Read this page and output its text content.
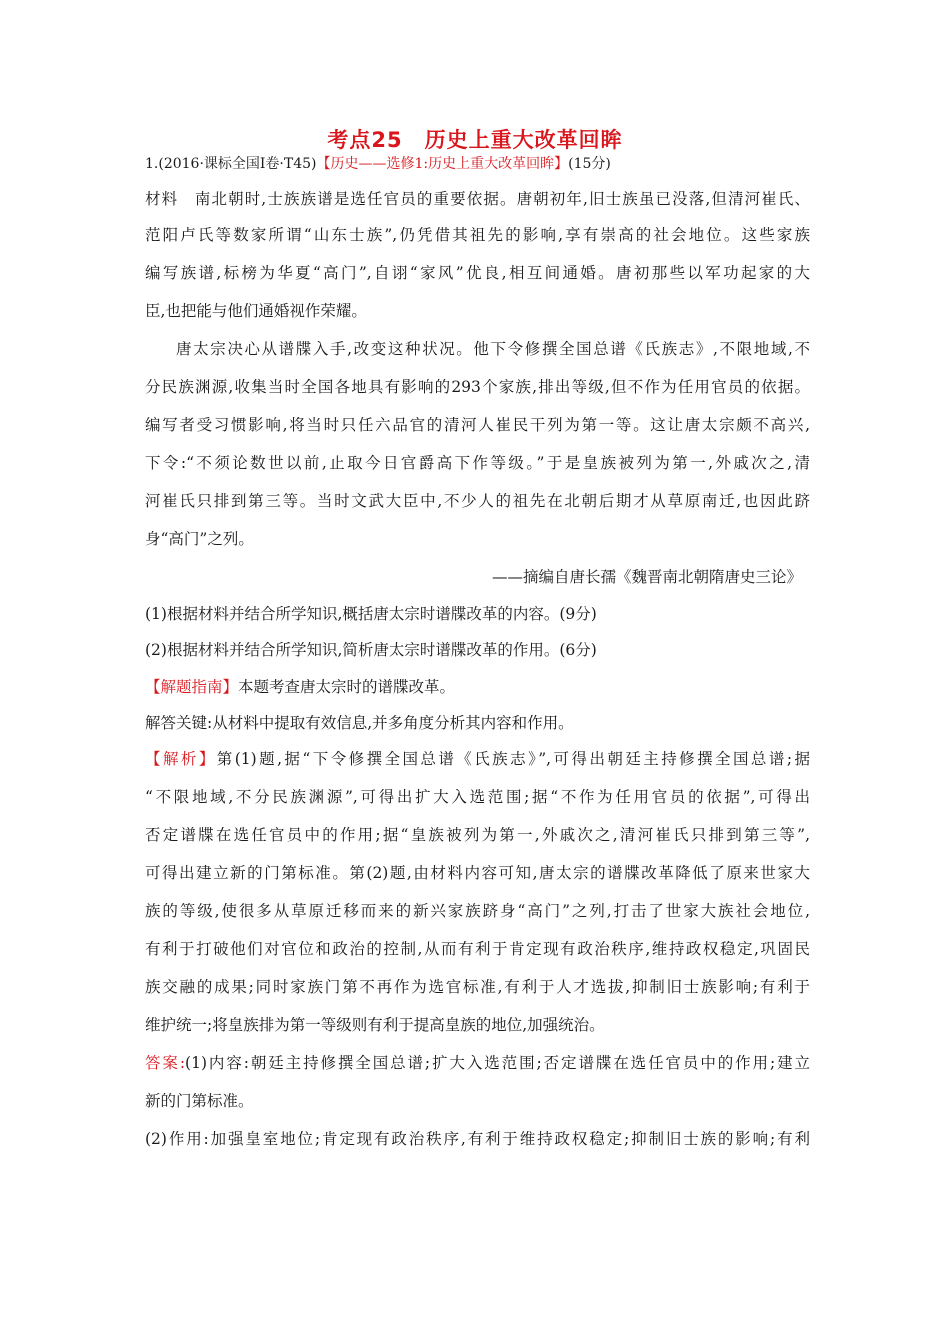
考点25　历史上重大改革回眸
1.(2016·课标全国Ⅰ卷·T45)【历史——选修1:历史上重大改革回眸】(15分)
材料　南北朝时,士族族谱是选任官员的重要依据。唐朝初年,旧士族虽已没落,但清河崔氏、
范阳卢氏等数家所谓“山东士族”,仍凭借其祖先的影响,享有崇高的社会地位。这些家族
编写族谱,标榜为华夏“高门”,自诩“家风”优良,相互间通婚。唐初那些以军功起家的大
臣,也把能与他们通婚视作荣耀。
唐太宗决心从谱牒入手,改变这种状况。他下令修撰全国总谱《氏族志》,不限地域,不
分民族渊源,收集当时全国各地具有影响的293个家族,排出等级,但不作为任用官员的依据。
编写者受习惯影响,将当时只任六品官的清河人崔民干列为第一等。这让唐太宗颇不高兴,
下令:“不须论数世以前,止取今日官爵高下作等级。”于是皇族被列为第一,外戚次之,清
河崔氏只排到第三等。当时文武大臣中,不少人的祖先在北朝后期才从草原南迁,也因此跻
身“高门”之列。
——摘编自唐长孺《魏晋南北朝隋唐史三论》
(1)根据材料并结合所学知识,概括唐太宗时谱牒改革的内容。(9分)
(2)根据材料并结合所学知识,简析唐太宗时谱牒改革的作用。(6分)
【解题指南】本题考查唐太宗时的谱牒改革。
解答关键:从材料中提取有效信息,并多角度分析其内容和作用。
【解析】第(1)题,据“下令修撰全国总谱《氏族志》”,可得出朝廷主持修撰全国总谱;据
“不限地域,不分民族渊源”,可得出扩大入选范围;据“不作为任用官员的依据”,可得出
否定谱牒在选任官员中的作用;据“皇族被列为第一,外戚次之,清河崔氏只排到第三等”,
可得出建立新的门第标准。第(2)题,由材料内容可知,唐太宗的谱牒改革降低了原来世家大
族的等级,使很多从草原迁移而来的新兴家族跻身“高门”之列,打击了世家大族社会地位,
有利于打破他们对官位和政治的控制,从而有利于肯定现有政治秩序,维持政权稳定,巩固民
族交融的成果;同时家族门第不再作为选官标准,有利于人才选拔,抑制旧士族影响;有利于
维护统一;将皇族排为第一等级则有利于提高皇族的地位,加强统治。
答案:(1)内容:朝廷主持修撰全国总谱;扩大入选范围;否定谱牒在选任官员中的作用;建立
新的门第标准。
(2)作用:加强皇室地位;肯定现有政治秩序,有利于维持政权稳定;抑制旧士族的影响;有利
